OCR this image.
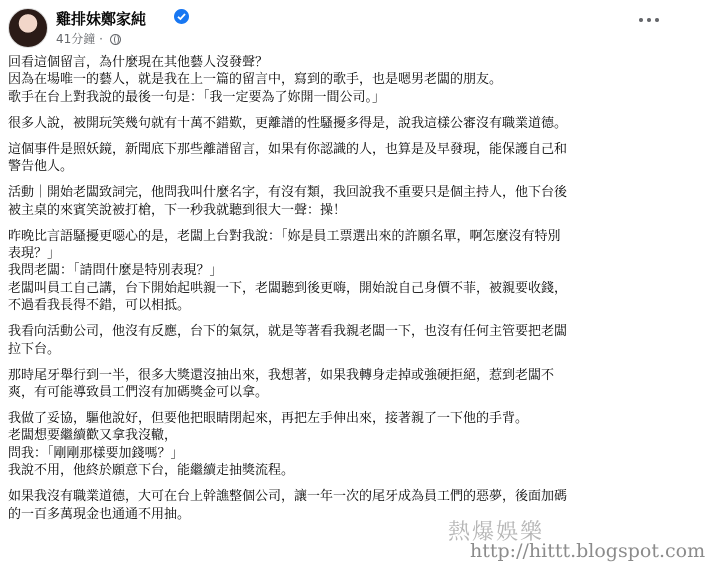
雞排妹鄭家純
41分鐘 ·

回看這個留言，為什麼現在其他藝人沒發聲？
因為在場唯一的藝人，就是我在上一篇的留言中，寫到的歌手，也是嗯男老闆的朋友。
歌手在台上對我說的最後一句是：「我一定要為了妳開一間公司。」

很多人說，被開玩笑幾句就有十萬不錯歎，更離譜的性騷擾多得是，說我這樣公審沒有職業道德。

這個事件是照妖鏡，新聞底下那些離譜留言，如果有你認識的人，也算是及早發現，能保護自己和
警告他人。

活動｜開始老闆致詞完，他問我叫什麼名字，有沒有類，我回說我不重要只是個主持人，他下台後
被主桌的來賓笑說被打槍，下一秒我就聽到很大一聲：操！

昨晚比言語騷擾更噁心的是，老闆上台對我說：「妳是員工票選出來的許願名單，啊怎麼沒有特別
表現？」
我問老闆：「請問什麼是特別表現？」
老闆叫員工自己講，台下開始起哄親一下，老闆聽到後更嗨，開始說自己身價不菲，被親要收錢，
不過看我長得不錯，可以相抵。

我看向活動公司，他沒有反應，台下的氣氛，就是等著看我親老闆一下，也沒有任何主管要把老闆
拉下台。

那時尾牙舉行到一半，很多大獎還沒抽出來，我想著，如果我轉身走掉或強硬拒絕，惹到老闆不
爽，有可能導致員工們沒有加碼獎金可以拿。

我做了妥協，驅他說好，但要他把眼睛閉起來，再把左手伸出來，接著親了一下他的手背。
老闆想要繼續歡又拿我沒轍，
問我：「剛剛那樣要加錢嗎？」
我說不用，他終於願意下台，能繼續走抽獎流程。

如果我沒有職業道德，大可在台上幹譙整個公司，讓一年一次的尾牙成為員工們的惡夢，後面加碼
的一百多萬現金也通通不用抽。

熱爆娛樂
http://hittt.blogspot.com
